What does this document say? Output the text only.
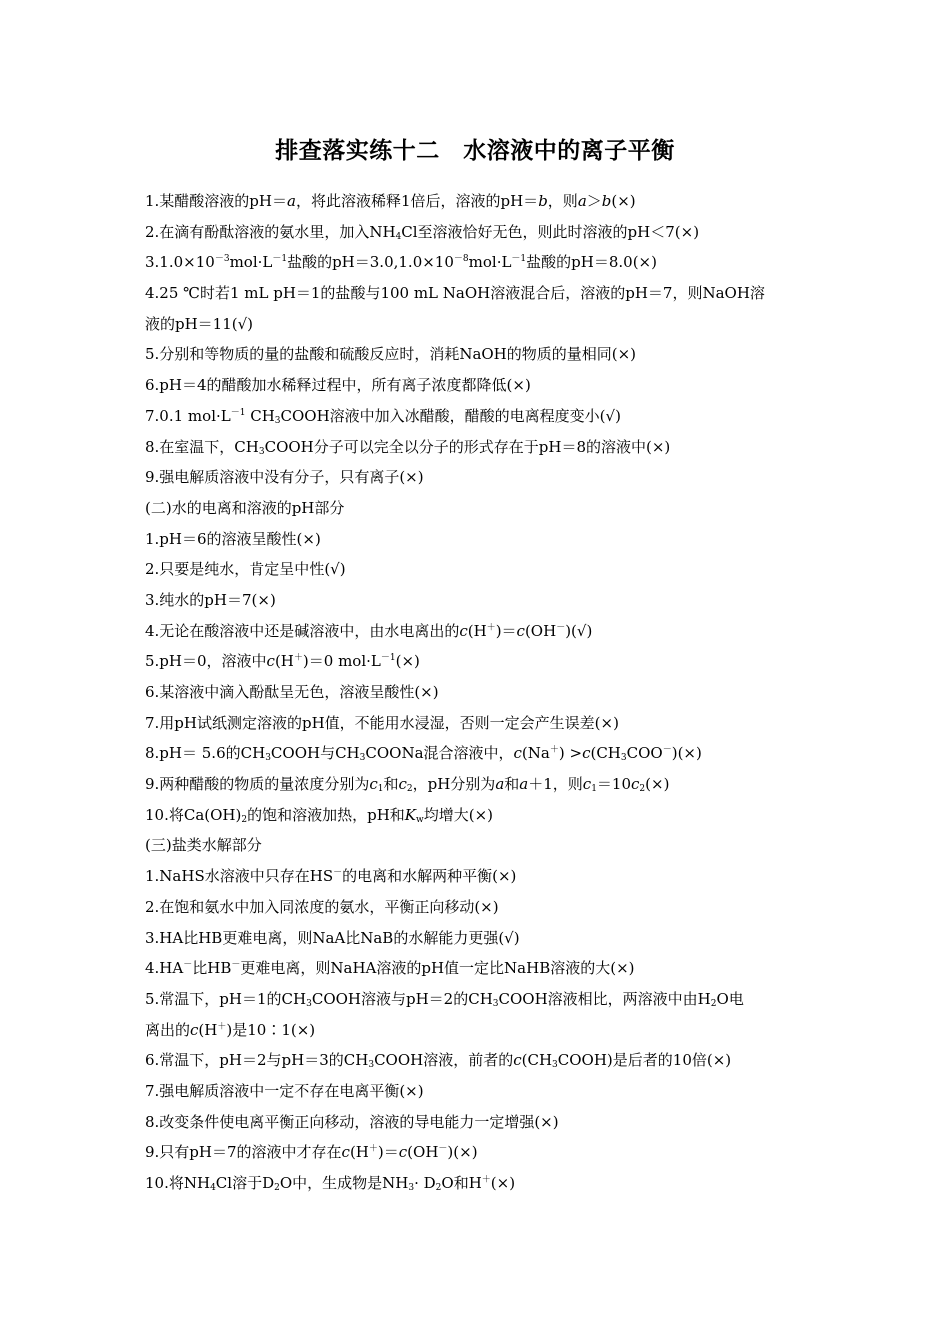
排查落实练十二　水溶液中的离子平衡
1.某醋酸溶液的pH＝a，将此溶液稀释1倍后，溶液的pH＝b，则a＞b(×)
2.在滴有酚酞溶液的氨水里，加入$NH_4Cl$至溶液恰好无色，则此时溶液的pH＜7(×)
$3.1.0\times 10^{-3}mol\cdot L^{-1}$盐酸的$pH=3.0,1.0\times 10^{-8}mol\cdot L^{-1}$盐酸的pH＝8.0(×)
4.25 ℃时若1 mL pH＝1的盐酸与100 mL NaOH溶液混合后，溶液的pH＝7，则NaOH溶
液的pH＝11(√)
5.分别和等物质的量的盐酸和硫酸反应时，消耗NaOH的物质的量相同(×)
6.pH＝4的醋酸加水稀释过程中，所有离子浓度都降低(×)
7.0.1 $mol\cdot L^{-1}$ $CH_3COOH$溶液中加入冰醋酸，醋酸的电离程度变小(√)
8.在室温下，$CH_3COOH$分子可以完全以分子的形式存在于pH＝8的溶液中(×)
9.强电解质溶液中没有分子，只有离子(×)
(二)水的电离和溶液的pH部分
1.pH＝6的溶液呈酸性(×)
2.只要是纯水，肯定呈中性(√)
3.纯水的pH＝7(×)
4.无论在酸溶液中还是碱溶液中，由水电离出的c(H＋)＝c(OH－)(√)
5.pH＝0，溶液中c(H＋)＝0 $mol\cdot L^{-1}(\times)$
6.某溶液中滴入酚酞呈无色，溶液呈酸性(×)
7.用pH试纸测定溶液的pH值，不能用水浸湿，否则一定会产生误差(×)
8.pH＝ 5.6的$CH_3COOH$与$CH_3COONa$混合溶液中，$c(Na^+) >c(CH_3COO^-)(\times)$
9.两种醋酸的物质的量浓度分别为$c_1$和$c_2$，pH分别为a和a＋1，则$c_1=10c_2(\times)$
10.将$Ca(OH)_2$的饱和溶液加热，pH和$K_w$均增大(×)
(三)盐类水解部分
1.NaHS水溶液中只存在HS－的电离和水解两种平衡(×)
2.在饱和氨水中加入同浓度的氨水，平衡正向移动(×)
3.HA比HB更难电离，则NaA比NaB的水解能力更强(√)
4.HA－比HB－更难电离，则NaHA溶液的pH值一定比NaHB溶液的大(×)
5.常温下，pH＝1的$CH_3COOH$溶液与pH＝2的$CH_3COOH$溶液相比，两溶液中由$H_2O$电
离出的c(H＋)是10∶1(×)
6.常温下，pH＝2与pH＝3的$CH_3COOH$溶液，前者的$c(CH_3COOH)$是后者的10倍(×)
7.强电解质溶液中一定不存在电离平衡(×)
8.改变条件使电离平衡正向移动，溶液的导电能力一定增强(×)
9.只有pH＝7的溶液中才存在c(H＋)＝c(OH－)(×)
10.将$NH_4Cl$溶于$D_2O$中，生成物是$NH_3\cdot D_2O$和H＋(×)
